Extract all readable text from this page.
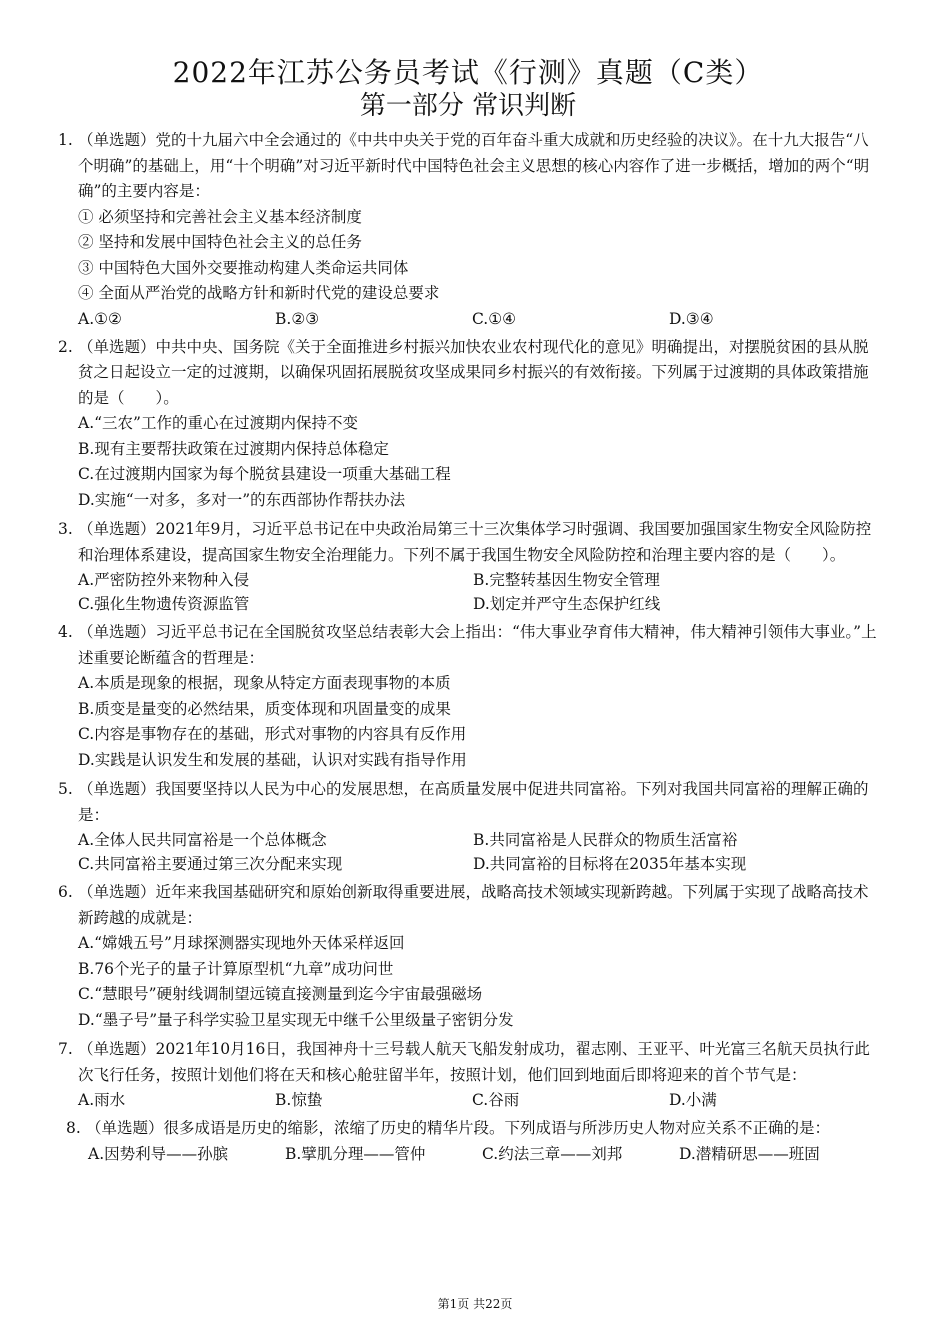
2022年江苏公务员考试《行测》真题（C类）
第一部分 常识判断
1. （单选题）党的十九届六中全会通过的《中共中央关于党的百年奋斗重大成就和历史经验的决议》。在十九大报告“八个明确”的基础上，用“十个明确”对习近平新时代中国特色社会主义思想的核心内容作了进一步概括，增加的两个“明确”的主要内容是：
① 必须坚持和完善社会主义基本经济制度
② 坚持和发展中国特色社会主义的总任务
③ 中国特色大国外交要推动构建人类命运共同体
④ 全面从严治党的战略方针和新时代党的建设总要求
A.①②	B.②③	C.①④	D.③④
2. （单选题）中共中央、国务院《关于全面推进乡村振兴加快农业农村现代化的意见》明确提出，对摆脱贫困的县从脱贫之日起设立一定的过渡期，以确保巩固拓展脱贫攻坚成果同乡村振兴的有效衔接。下列属于过渡期的具体政策措施的是（　　）。
A.“三农”工作的重心在过渡期内保持不变
B.现有主要帮扶政策在过渡期内保持总体稳定
C.在过渡期内国家为每个脱贫县建设一项重大基础工程
D.实施“一对多，多对一”的东西部协作帮扶办法
3. （单选题）2021年9月，习近平总书记在中央政治局第三十三次集体学习时强调、我国要加强国家生物安全风险防控和治理体系建设，提高国家生物安全治理能力。下列不属于我国生物安全风险防控和治理主要内容的是（　　）。
A.严密防控外来物种入侵	B.完整转基因生物安全管理
C.强化生物遗传资源监管	D.划定并严守生态保护红线
4. （单选题）习近平总书记在全国脱贫攻坚总结表彰大会上指出：“伟大事业孕育伟大精神，伟大精神引领伟大事业。”上述重要论断蕴含的哲理是：
A.本质是现象的根据，现象从特定方面表现事物的本质
B.质变是量变的必然结果，质变体现和巩固量变的成果
C.内容是事物存在的基础，形式对事物的内容具有反作用
D.实践是认识发生和发展的基础，认识对实践有指导作用
5. （单选题）我国要坚持以人民为中心的发展思想，在高质量发展中促进共同富裕。下列对我国共同富裕的理解正确的是：
A.全体人民共同富裕是一个总体概念	B.共同富裕是人民群众的物质生活富裕
C.共同富裕主要通过第三次分配来实现	D.共同富裕的目标将在2035年基本实现
6. （单选题）近年来我国基础研究和原始创新取得重要进展，战略高技术领域实现新跨越。下列属于实现了战略高技术新跨越的成就是：
A.“嫦娥五号”月球探测器实现地外天体采样返回
B.76个光子的量子计算原型机“九章”成功问世
C.“慧眼号”硬射线调制望远镜直接测量到迄今宇宙最强磁场
D.“墨子号”量子科学实验卫星实现无中继千公里级量子密钥分发
7. （单选题）2021年10月16日，我国神舟十三号载人航天飞船发射成功，翟志刚、王亚平、叶光富三名航天员执行此次飞行任务，按照计划他们将在天和核心舱驻留半年，按照计划，他们回到地面后即将迎来的首个节气是：
A.雨水	B.惊蛰	C.谷雨	D.小满
8. （单选题）很多成语是历史的缩影，浓缩了历史的精华片段。下列成语与所涉历史人物对应关系不正确的是：
A.因势利导——孙膑	B.擘肌分理——管仲	C.约法三章——刘邦	D.潜精研思——班固
第1页 共22页
